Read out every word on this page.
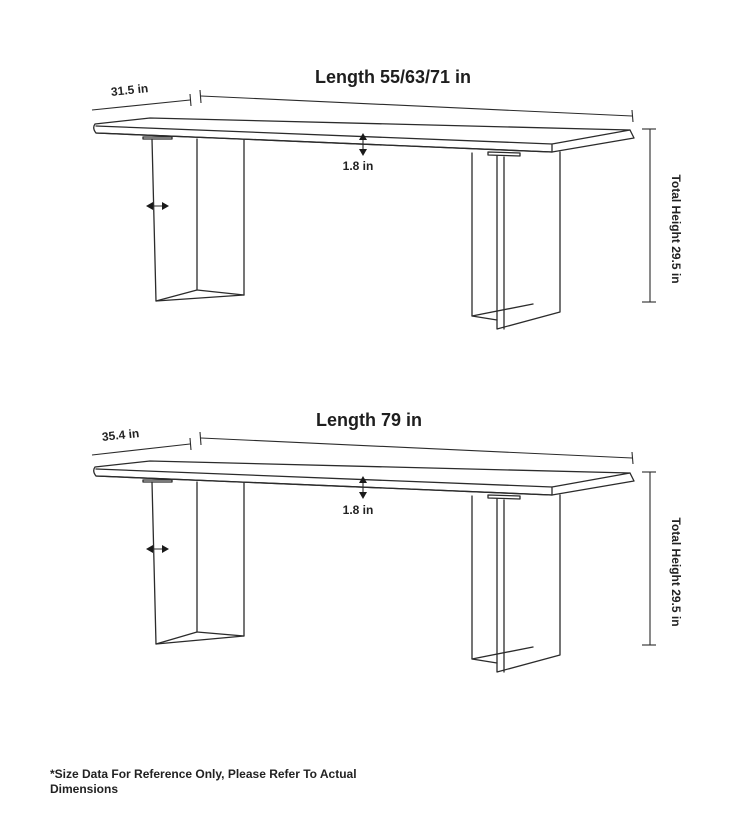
Length 55/63/71 in
31.5 in
1.8 in
Total Height 29.5 in
Length 79 in
35.4 in
1.8 in
Total Height 29.5 in
*Size Data For Reference Only, Please Refer To Actual Dimensions
